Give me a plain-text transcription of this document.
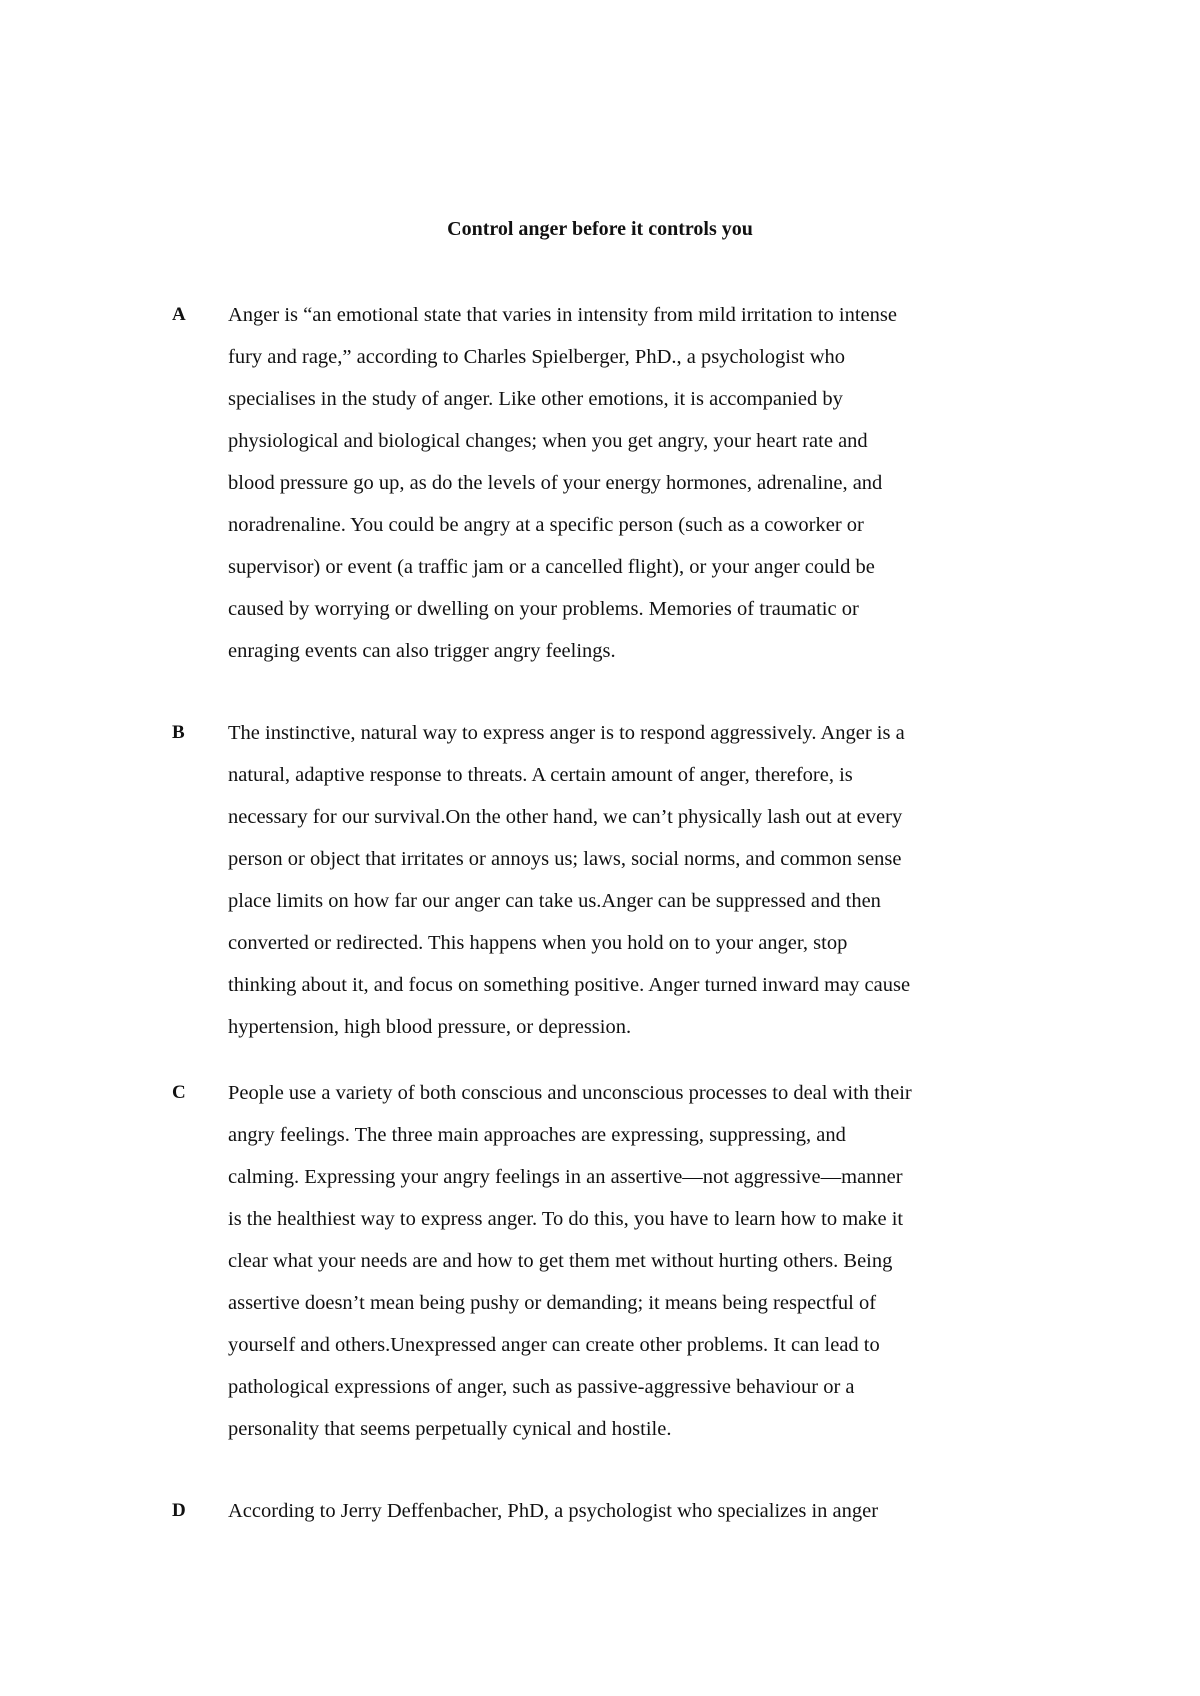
Control anger before it controls you
A Anger is “an emotional state that varies in intensity from mild irritation to intense
fury and rage,” according to Charles Spielberger, PhD., a psychologist who
specialises in the study of anger. Like other emotions, it is accompanied by
physiological and biological changes; when you get angry, your heart rate and
blood pressure go up, as do the levels of your energy hormones, adrenaline, and
noradrenaline. You could be angry at a specific person (such as a coworker or
supervisor) or event (a traffic jam or a cancelled flight), or your anger could be
caused by worrying or dwelling on your problems. Memories of traumatic or
enraging events can also trigger angry feelings.

B The instinctive, natural way to express anger is to respond aggressively. Anger is a
natural, adaptive response to threats. A certain amount of anger, therefore, is
necessary for our survival.On the other hand, we can’t physically lash out at every
person or object that irritates or annoys us; laws, social norms, and common sense
place limits on how far our anger can take us.Anger can be suppressed and then
converted or redirected. This happens when you hold on to your anger, stop
thinking about it, and focus on something positive. Anger turned inward may cause
hypertension, high blood pressure, or depression.

C People use a variety of both conscious and unconscious processes to deal with their
angry feelings. The three main approaches are expressing, suppressing, and
calming. Expressing your angry feelings in an assertive—not aggressive—manner
is the healthiest way to express anger. To do this, you have to learn how to make it
clear what your needs are and how to get them met without hurting others. Being
assertive doesn’t mean being pushy or demanding; it means being respectful of
yourself and others.Unexpressed anger can create other problems. It can lead to
pathological expressions of anger, such as passive-aggressive behaviour or a
personality that seems perpetually cynical and hostile.

D According to Jerry Deffenbacher, PhD, a psychologist who specializes in anger
